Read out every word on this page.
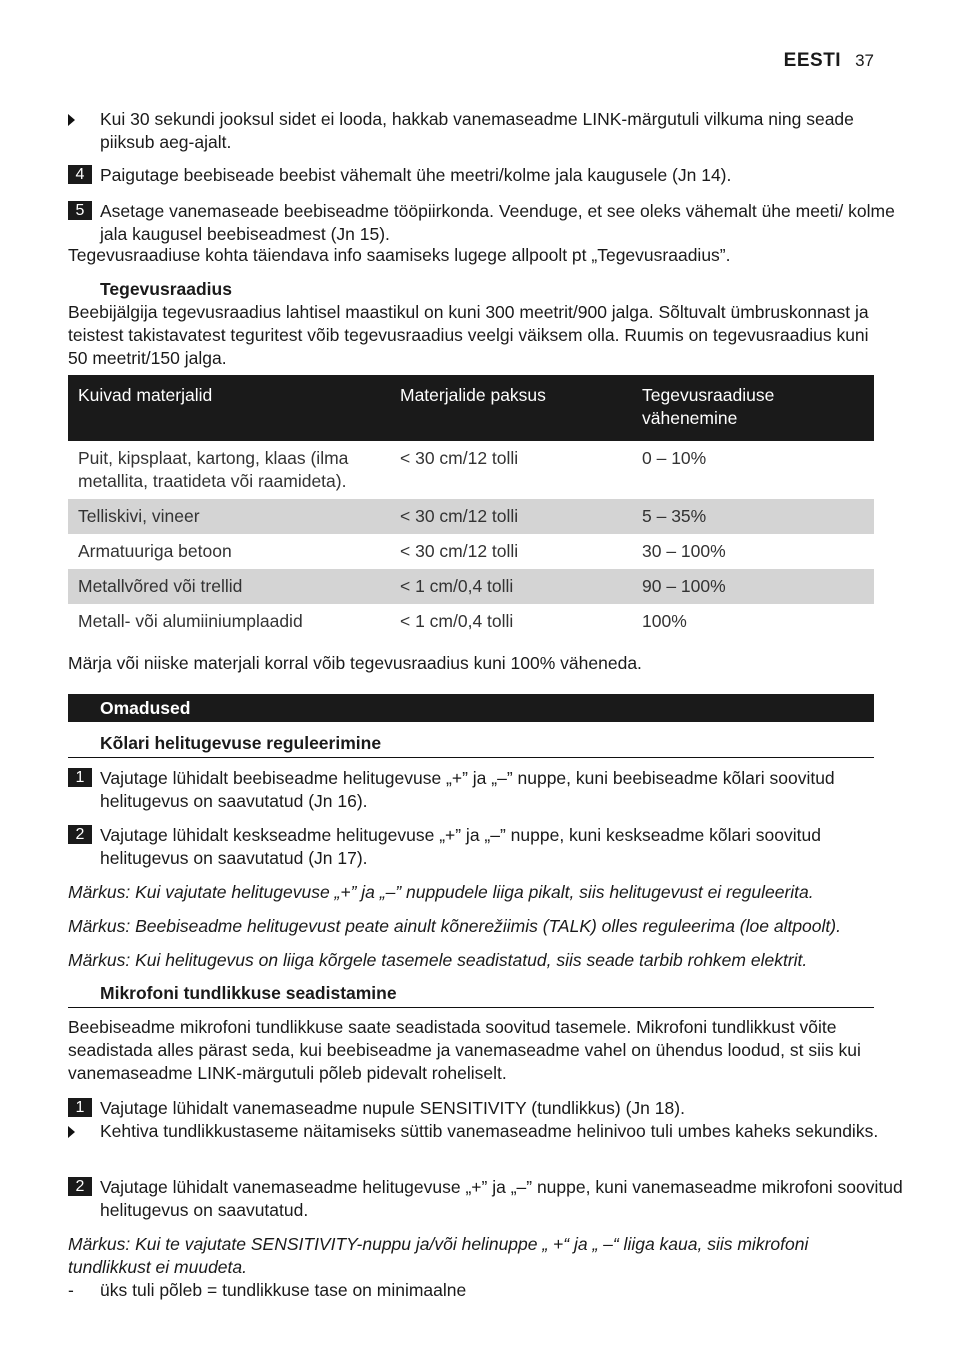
EESTI 37
Kui 30 sekundi jooksul sidet ei looda, hakkab vanemaseadme LINK-märgutuli vilkuma ning seade piiksub aeg-ajalt.
4 Paigutage beebiseade beebist vähemalt ühe meetri/kolme jala kaugusele (Jn 14).
5 Asetage vanemaseade beebiseadme tööpiirkonda. Veenduge, et see oleks vähemalt ühe meeti/ kolme jala kaugusel beebiseadmest (Jn 15).
Tegevusraadiuse kohta täiendava info saamiseks lugege allpoolt pt „Tegevusraadius”.
Tegevusraadius
Beebijälgija tegevusraadius lahtisel maastikul on kuni 300 meetrit/900 jalga. Sõltuvalt ümbruskonnast ja teistest takistavatest teguritest võib tegevusraadius veelgi väiksem olla. Ruumis on tegevusraadius kuni 50 meetrit/150 jalga.
Kuivad materjalid	Materjalide paksus	Tegevusraadiuse vähenemine
Puit, kipsplaat, kartong, klaas (ilma metallita, traatideta või raamideta).	< 30 cm/12 tolli	0 – 10%
Telliskivi, vineer	< 30 cm/12 tolli	5 – 35%
Armatuuriga betoon	< 30 cm/12 tolli	30 – 100%
Metallvõred või trellid	< 1 cm/0,4 tolli	90 – 100%
Metall- või alumiiniumplaadid	< 1 cm/0,4 tolli	100%
Märja või niiske materjali korral võib tegevusraadius kuni 100% väheneda.
Omadused
Kõlari helitugevuse reguleerimine
1 Vajutage lühidalt beebiseadme helitugevuse „+” ja „–” nuppe, kuni beebiseadme kõlari soovitud helitugevus on saavutatud (Jn 16).
2 Vajutage lühidalt keskseadme helitugevuse „+” ja „–” nuppe, kuni keskseadme kõlari soovitud helitugevus on saavutatud (Jn 17).
Märkus: Kui vajutate helitugevuse „+” ja „–” nuppudele liiga pikalt, siis helitugevust ei reguleerita.
Märkus: Beebiseadme helitugevust peate ainult kõnerežiimis (TALK) olles reguleerima (loe altpoolt).
Märkus: Kui helitugevus on liiga kõrgele tasemele seadistatud, siis seade tarbib rohkem elektrit.
Mikrofoni tundlikkuse seadistamine
Beebiseadme mikrofoni tundlikkuse saate seadistada soovitud tasemele. Mikrofoni tundlikkust võite seadistada alles pärast seda, kui beebiseadme ja vanemaseadme vahel on ühendus loodud, st siis kui vanemaseadme LINK-märgutuli põleb pidevalt roheliselt.
1 Vajutage lühidalt vanemaseadme nupule SENSITIVITY (tundlikkus) (Jn 18).
Kehtiva tundlikkustaseme näitamiseks süttib vanemaseadme helinivoo tuli umbes kaheks sekundiks.
2 Vajutage lühidalt vanemaseadme helitugevuse „+” ja „–” nuppe, kuni vanemaseadme mikrofoni soovitud helitugevus on saavutatud.
Märkus: Kui te vajutate SENSITIVITY-nuppu ja/või helinuppe „ +“ ja „ –“ liiga kaua, siis mikrofoni tundlikkust ei muudeta.
- üks tuli põleb = tundlikkuse tase on minimaalne
